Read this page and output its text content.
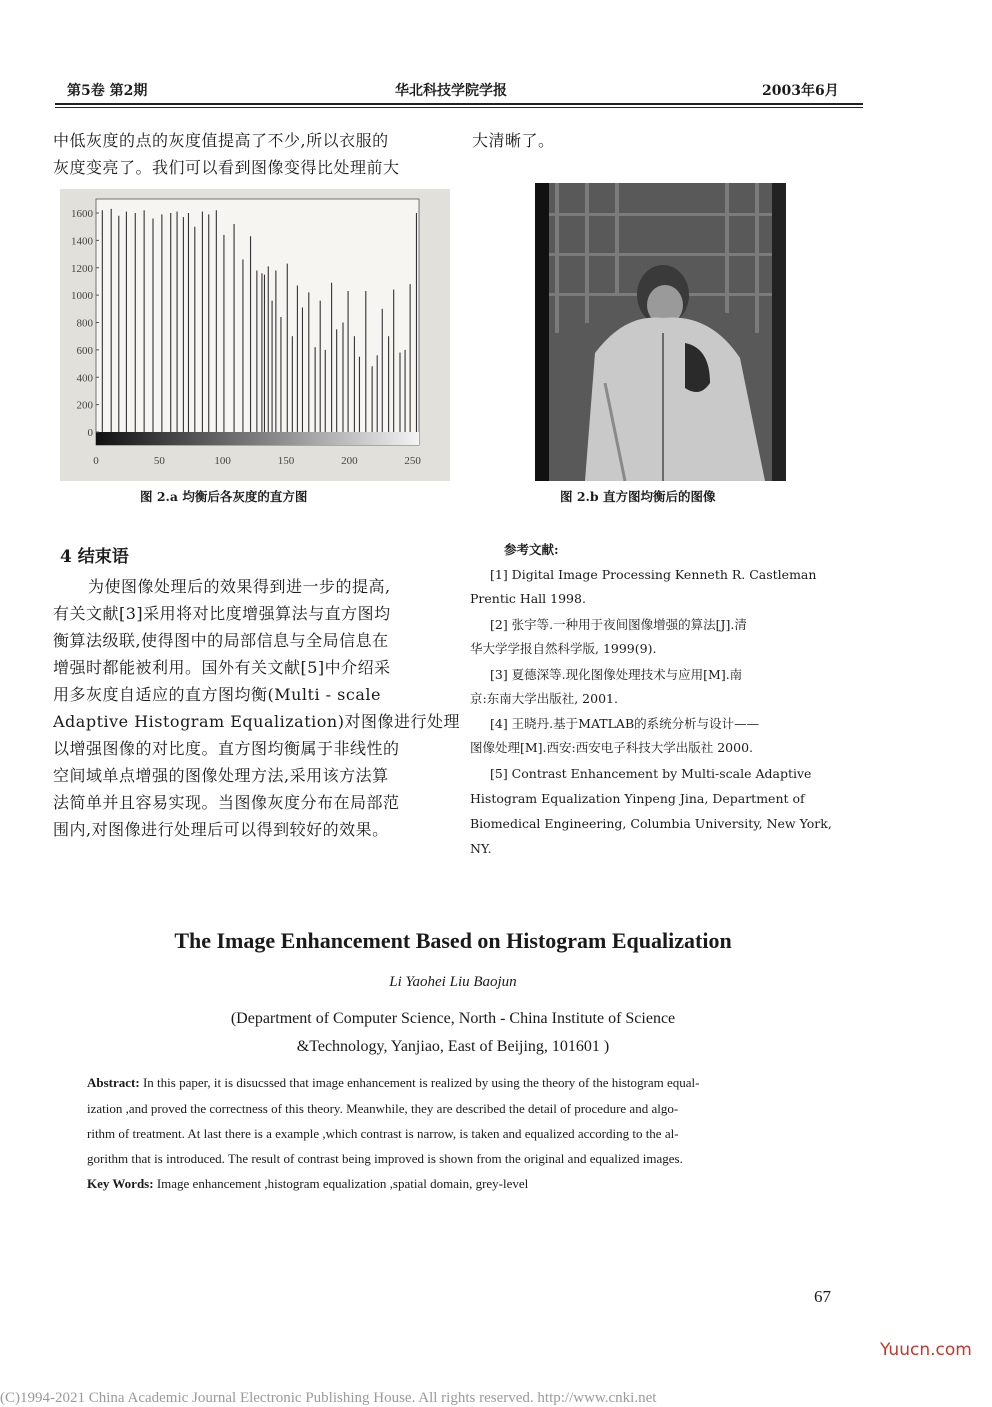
第5卷 第2期	华北科技学院学报	2003年6月
中低灰度的点的灰度值提高了不少,所以衣服的
灰度变亮了。我们可以看到图像变得比处理前大
大清晰了。
1600
1400
1200
1000
800
600
400
200
0
0	50	100	150	200	250
图 2.a 均衡后各灰度的直方图	图 2.b 直方图均衡后的图像
4 结束语
为使图像处理后的效果得到进一步的提高,
有关文献[3]采用将对比度增强算法与直方图均
衡算法级联,使得图中的局部信息与全局信息在
增强时都能被利用。国外有关文献[5]中介绍采
用多灰度自适应的直方图均衡(Multi - scale
Adaptive Histogram Equalization)对图像进行处理
以增强图像的对比度。直方图均衡属于非线性的
空间域单点增强的图像处理方法,采用该方法算
法简单并且容易实现。当图像灰度分布在局部范
围内,对图像进行处理后可以得到较好的效果。
参考文献:
[1] Digital Image Processing Kenneth R. Castleman
Prentic Hall 1998.
[2] 张宇等.一种用于夜间图像增强的算法[J].清
华大学学报自然科学版, 1999(9).
[3] 夏德深等.现化图像处理技术与应用[M].南
京:东南大学出版社, 2001.
[4] 王晓丹.基于MATLAB的系统分析与设计——
图像处理[M].西安:西安电子科技大学出版社 2000.
[5] Contrast Enhancement by Multi-scale Adaptive
Histogram Equalization Yinpeng Jina, Department of
Biomedical Engineering, Columbia University, New York,
NY.
The Image Enhancement Based on Histogram Equalization
Li Yaohei Liu Baojun
(Department of Computer Science, North - China Institute of Science
&Technology, Yanjiao, East of Beijing, 101601 )
Abstract: In this paper, it is disucssed that image enhancement is realized by using the theory of the histogram equal-
ization ,and proved the correctness of this theory. Meanwhile, they are described the detail of procedure and algo-
rithm of treatment. At last there is a example ,which contrast is narrow, is taken and equalized according to the al-
gorithm that is introduced. The result of contrast being improved is shown from the original and equalized images.
Key Words: Image enhancement ,histogram equalization ,spatial domain, grey-level
67
Yuucn.com
(C)1994-2021 China Academic Journal Electronic Publishing House. All rights reserved. http://www.cnki.net
